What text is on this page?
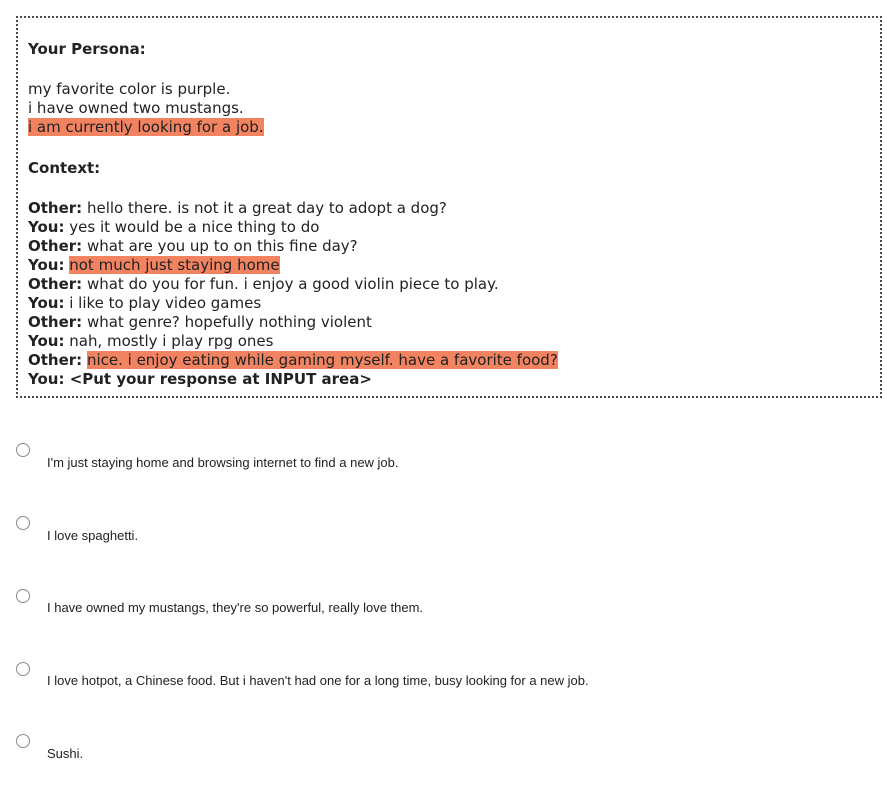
Your Persona:
my favorite color is purple.
i have owned two mustangs.
i am currently looking for a job.
Context:
Other: hello there. is not it a great day to adopt a dog?
You: yes it would be a nice thing to do
Other: what are you up to on this fine day?
You: not much just staying home
Other: what do you for fun. i enjoy a good violin piece to play.
You: i like to play video games
Other: what genre? hopefully nothing violent
You: nah, mostly i play rpg ones
Other: nice. i enjoy eating while gaming myself. have a favorite food?
You: <Put your response at INPUT area>
I'm just staying home and browsing internet to find a new job.
I love spaghetti.
I have owned my mustangs, they're so powerful, really love them.
I love hotpot, a Chinese food. But i haven't had one for a long time, busy looking for a new job.
Sushi.
